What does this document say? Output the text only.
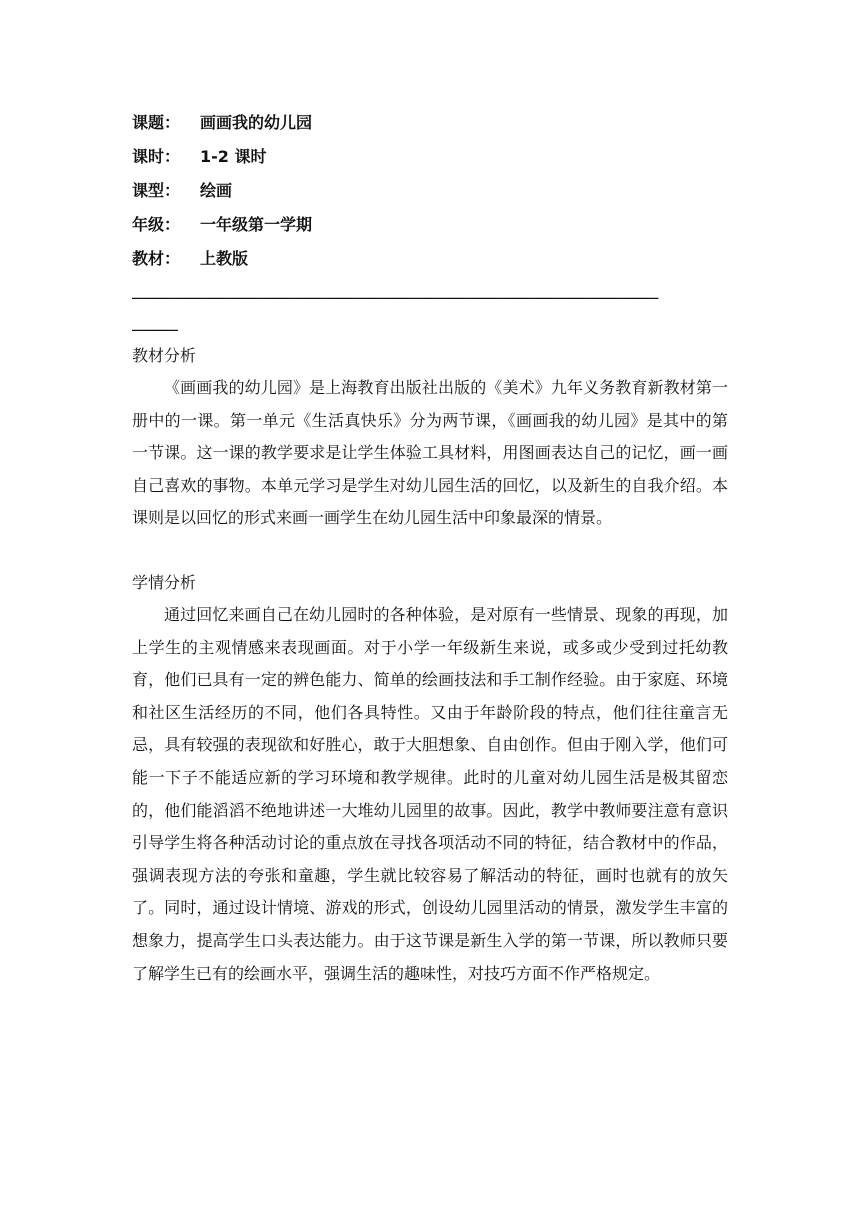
课题： 画画我的幼儿园
课时： 1-2 课时
课型： 绘画
年级： 一年级第一学期
教材： 上教版
_____________________________________________________________________
______
教材分析

《画画我的幼儿园》是上海教育出版社出版的《美术》九年义务教育新教材第一册中的一课。第一单元《生活真快乐》分为两节课，《画画我的幼儿园》是其中的第一节课。这一课的教学要求是让学生体验工具材料，用图画表达自己的记忆，画一画自己喜欢的事物。本单元学习是学生对幼儿园生活的回忆，以及新生的自我介绍。本课则是以回忆的形式来画一画学生在幼儿园生活中印象最深的情景。

学情分析

通过回忆来画自己在幼儿园时的各种体验，是对原有一些情景、现象的再现，加上学生的主观情感来表现画面。对于小学一年级新生来说，或多或少受到过托幼教育，他们已具有一定的辨色能力、简单的绘画技法和手工制作经验。由于家庭、环境和社区生活经历的不同，他们各具特性。又由于年龄阶段的特点，他们往往童言无忌，具有较强的表现欲和好胜心，敢于大胆想象、自由创作。但由于刚入学，他们可能一下子不能适应新的学习环境和教学规律。此时的儿童对幼儿园生活是极其留恋的，他们能滔滔不绝地讲述一大堆幼儿园里的故事。因此，教学中教师要注意有意识引导学生将各种活动讨论的重点放在寻找各项活动不同的特征，结合教材中的作品，强调表现方法的夸张和童趣，学生就比较容易了解活动的特征，画时也就有的放矢了。同时，通过设计情境、游戏的形式，创设幼儿园里活动的情景，激发学生丰富的想象力，提高学生口头表达能力。由于这节课是新生入学的第一节课，所以教师只要了解学生已有的绘画水平，强调生活的趣味性，对技巧方面不作严格规定。
